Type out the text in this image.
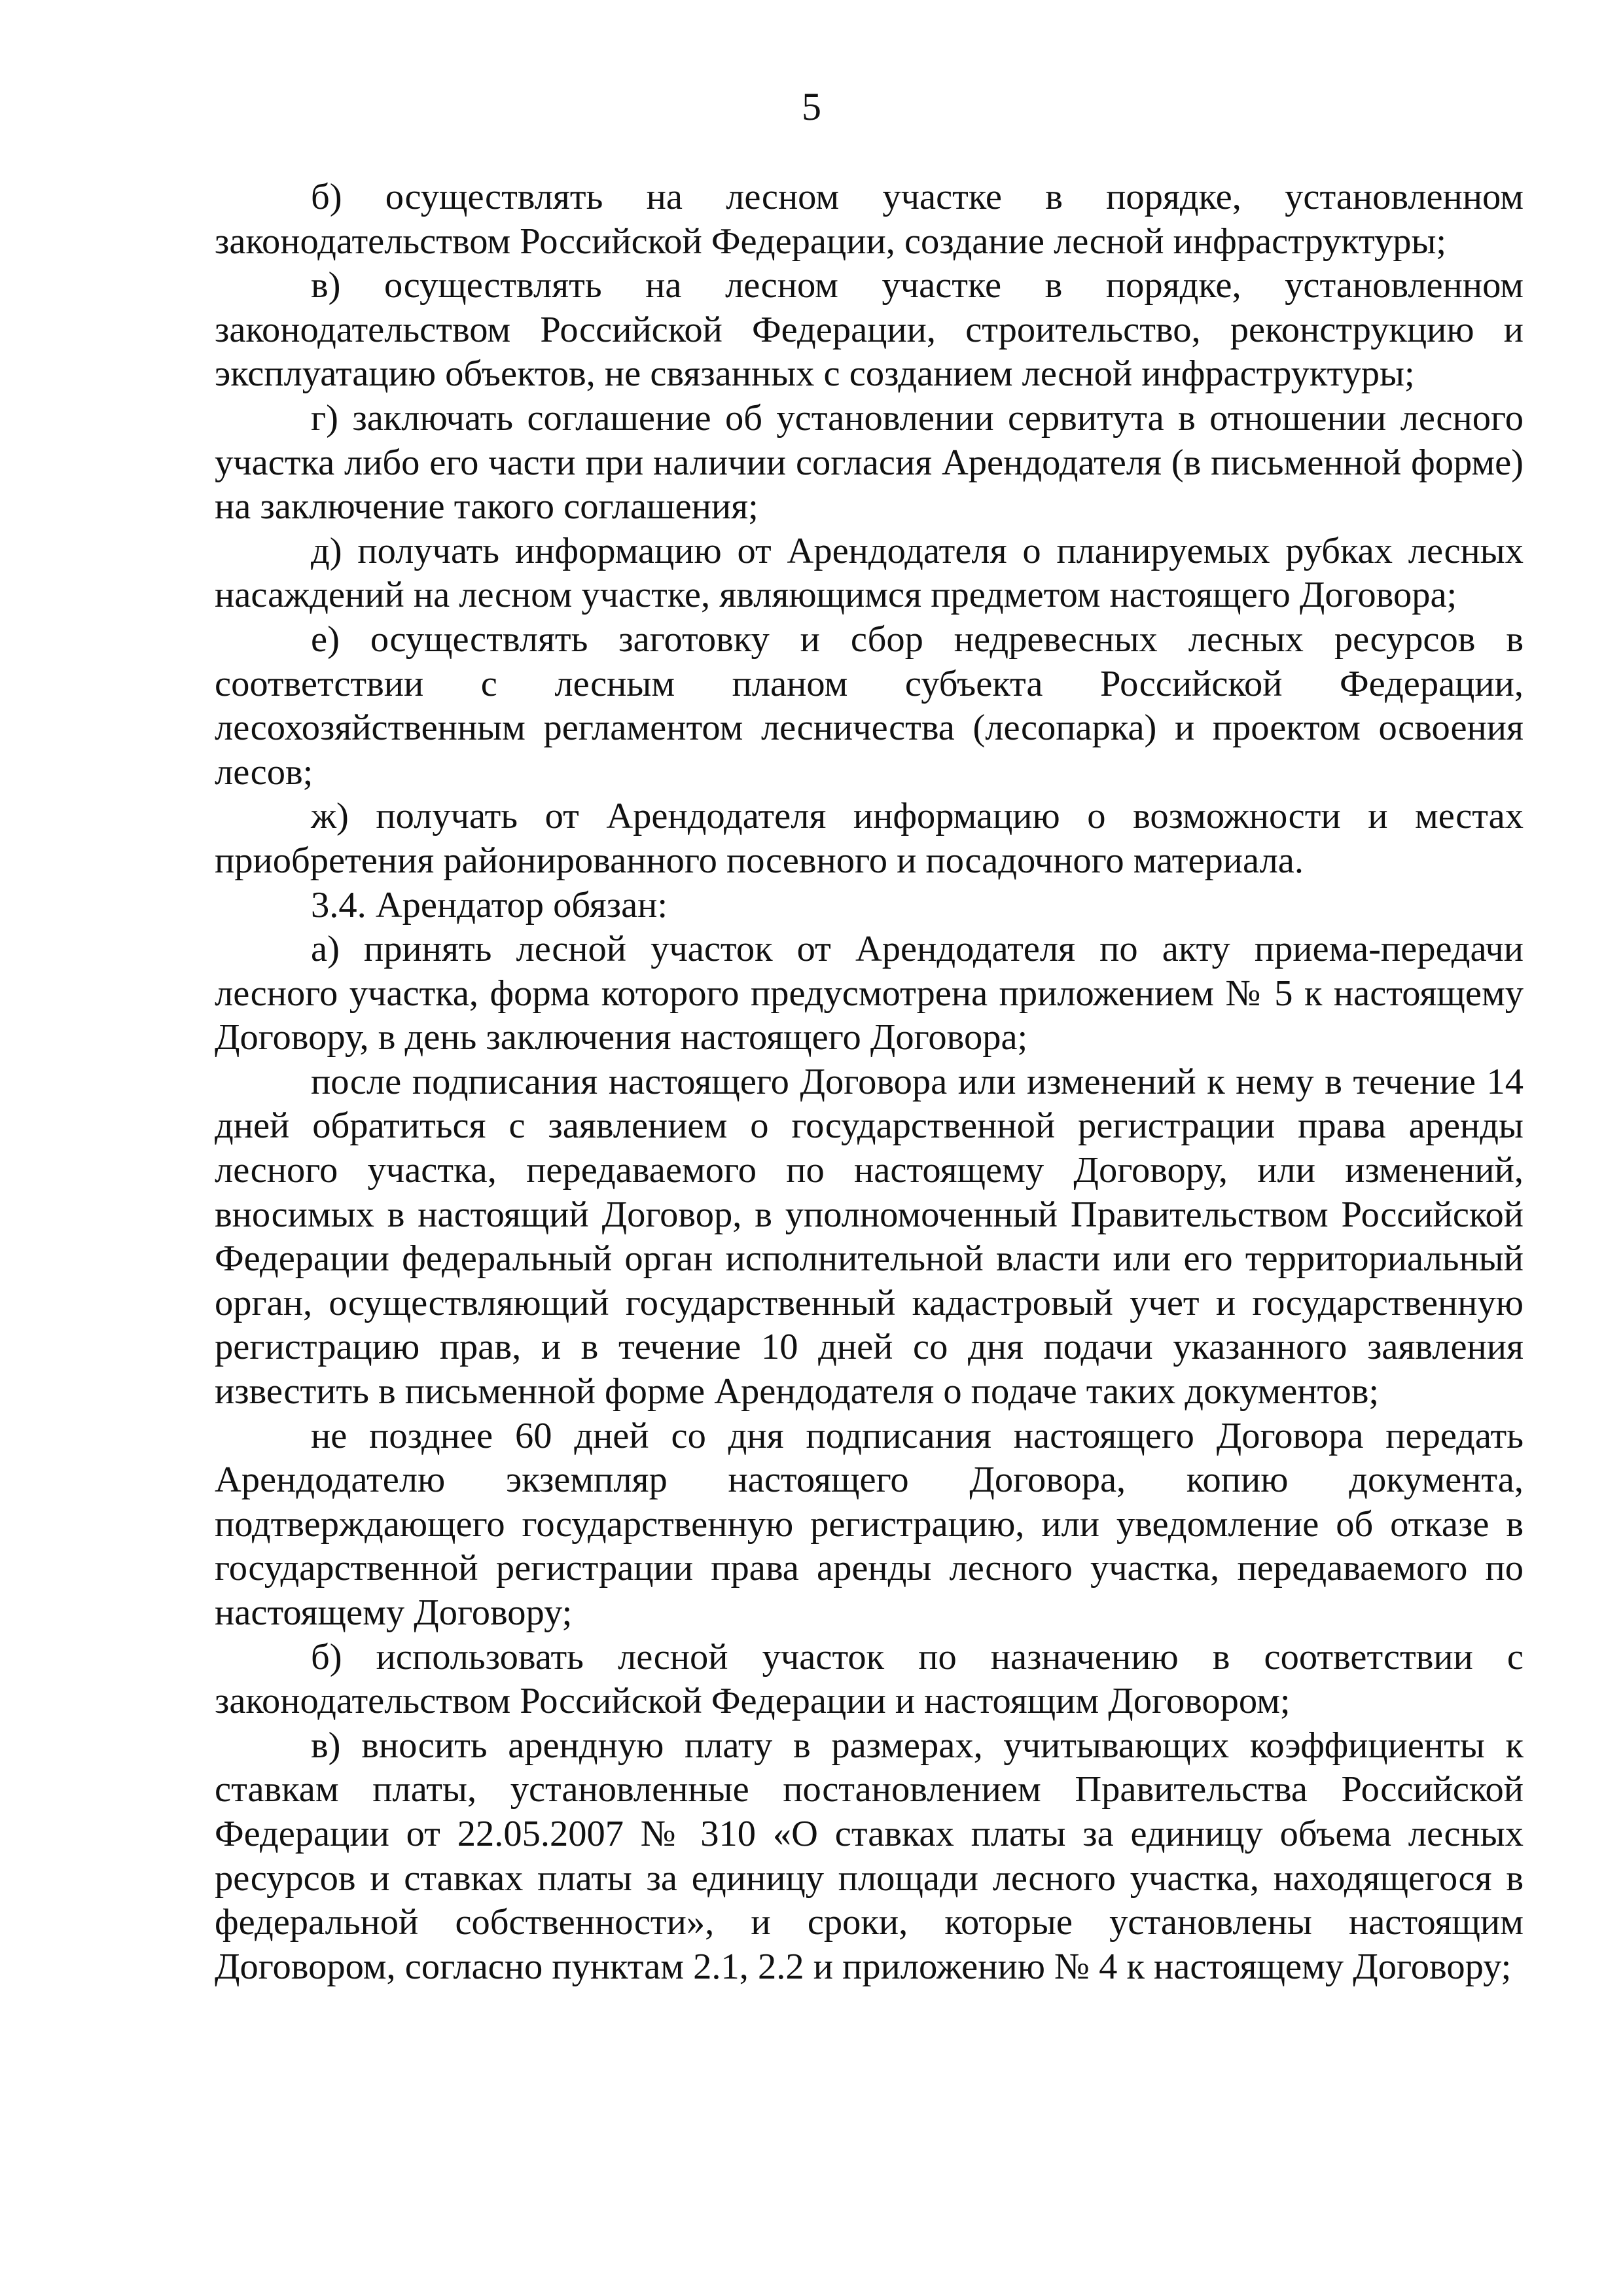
5

б) осуществлять на лесном участке в порядке, установленном законодательством Российской Федерации, создание лесной инфраструктуры;

в) осуществлять на лесном участке в порядке, установленном законодательством Российской Федерации, строительство, реконструкцию и эксплуатацию объектов, не связанных с созданием лесной инфраструктуры;

г) заключать соглашение об установлении сервитута в отношении лесного участка либо его части при наличии согласия Арендодателя (в письменной форме) на заключение такого соглашения;

д) получать информацию от Арендодателя о планируемых рубках лесных насаждений на лесном участке, являющимся предметом настоящего Договора;

е) осуществлять заготовку и сбор недревесных лесных ресурсов в соответствии с лесным планом субъекта Российской Федерации, лесохозяйственным регламентом лесничества (лесопарка) и проектом освоения лесов;

ж) получать от Арендодателя информацию о возможности и местах приобретения районированного посевного и посадочного материала.

3.4. Арендатор обязан:

а) принять лесной участок от Арендодателя по акту приема-передачи лесного участка, форма которого предусмотрена приложением № 5 к настоящему Договору, в день заключения настоящего Договора;

после подписания настоящего Договора или изменений к нему в течение 14 дней обратиться с заявлением о государственной регистрации права аренды лесного участка, передаваемого по настоящему Договору, или изменений, вносимых в настоящий Договор, в уполномоченный Правительством Российской Федерации федеральный орган исполнительной власти или его территориальный орган, осуществляющий государственный кадастровый учет и государственную регистрацию прав, и в течение 10 дней со дня подачи указанного заявления известить в письменной форме Арендодателя о подаче таких документов;

не позднее 60 дней со дня подписания настоящего Договора передать Арендодателю экземпляр настоящего Договора, копию документа, подтверждающего государственную регистрацию, или уведомление об отказе в государственной регистрации права аренды лесного участка, передаваемого по настоящему Договору;

б) использовать лесной участок по назначению в соответствии с законодательством Российской Федерации и настоящим Договором;

в) вносить арендную плату в размерах, учитывающих коэффициенты к ставкам платы, установленные постановлением Правительства Российской Федерации от 22.05.2007 № 310 «О ставках платы за единицу объема лесных ресурсов и ставках платы за единицу площади лесного участка, находящегося в федеральной собственности», и сроки, которые установлены настоящим Договором, согласно пунктам 2.1, 2.2 и приложению № 4 к настоящему Договору;
